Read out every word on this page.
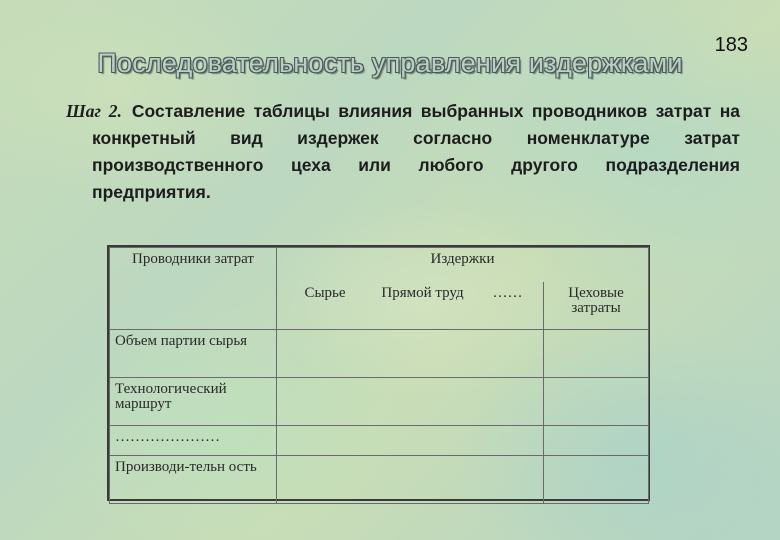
183
Последовательность управления издержками
Шаг 2. Составление таблицы влияния выбранных проводников затрат на конкретный вид издержек согласно номенклатуре затрат производственного цеха или любого другого подразделения предприятия.
Проводники затрат	Издержки			
	Сырье	Прямой труд	……	Цеховые затраты
Объем партии сырья				
Технологический маршрут				
…………………				
Производи-тельн ость				
